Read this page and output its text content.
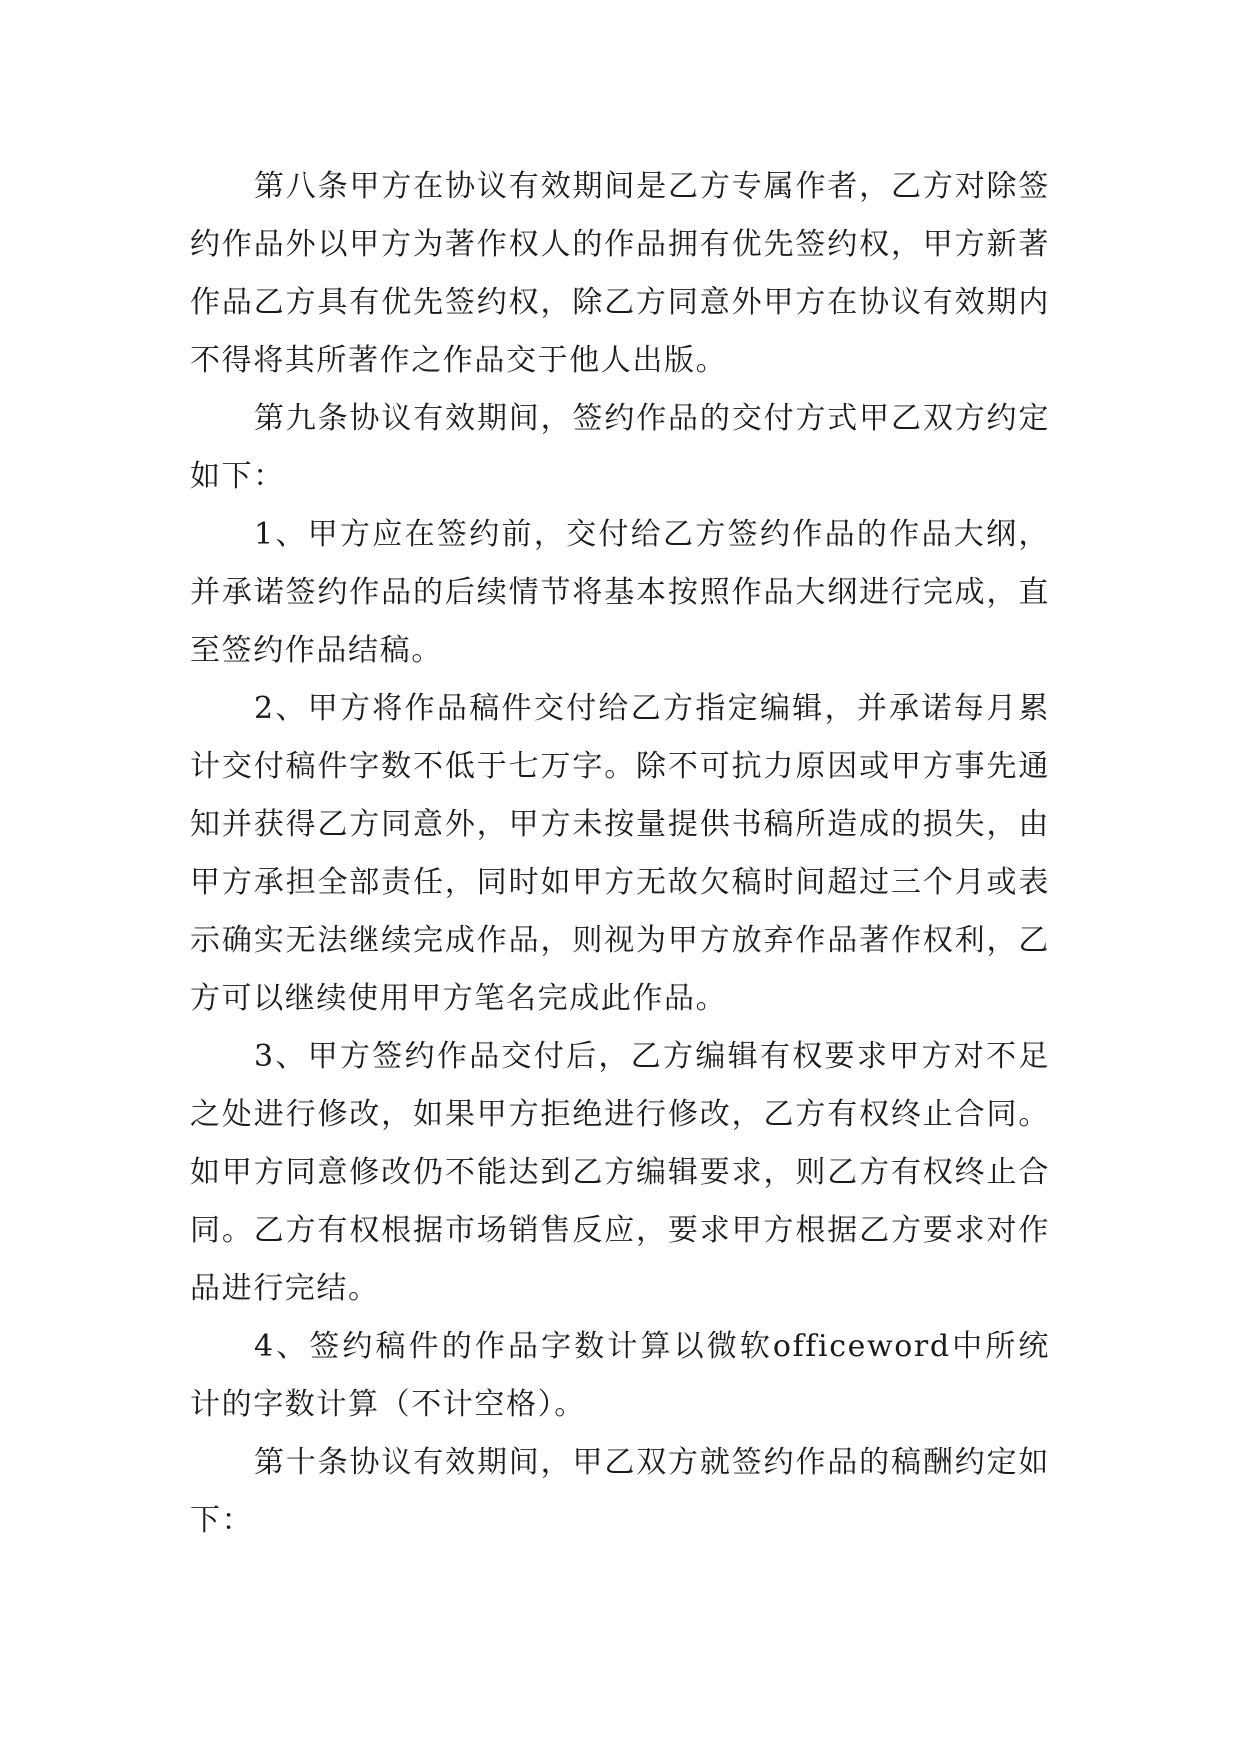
第八条甲方在协议有效期间是乙方专属作者，乙方对除签约作品外以甲方为著作权人的作品拥有优先签约权，甲方新著作品乙方具有优先签约权，除乙方同意外甲方在协议有效期内不得将其所著作之作品交于他人出版。

第九条协议有效期间，签约作品的交付方式甲乙双方约定如下：

1、甲方应在签约前，交付给乙方签约作品的作品大纲，并承诺签约作品的后续情节将基本按照作品大纲进行完成，直至签约作品结稿。

2、甲方将作品稿件交付给乙方指定编辑，并承诺每月累计交付稿件字数不低于七万字。除不可抗力原因或甲方事先通知并获得乙方同意外，甲方未按量提供书稿所造成的损失，由甲方承担全部责任，同时如甲方无故欠稿时间超过三个月或表示确实无法继续完成作品，则视为甲方放弃作品著作权利，乙方可以继续使用甲方笔名完成此作品。

3、甲方签约作品交付后，乙方编辑有权要求甲方对不足之处进行修改，如果甲方拒绝进行修改，乙方有权终止合同。如甲方同意修改仍不能达到乙方编辑要求，则乙方有权终止合同。乙方有权根据市场销售反应，要求甲方根据乙方要求对作品进行完结。

4、签约稿件的作品字数计算以微软officeword中所统计的字数计算（不计空格）。

第十条协议有效期间，甲乙双方就签约作品的稿酬约定如下：
